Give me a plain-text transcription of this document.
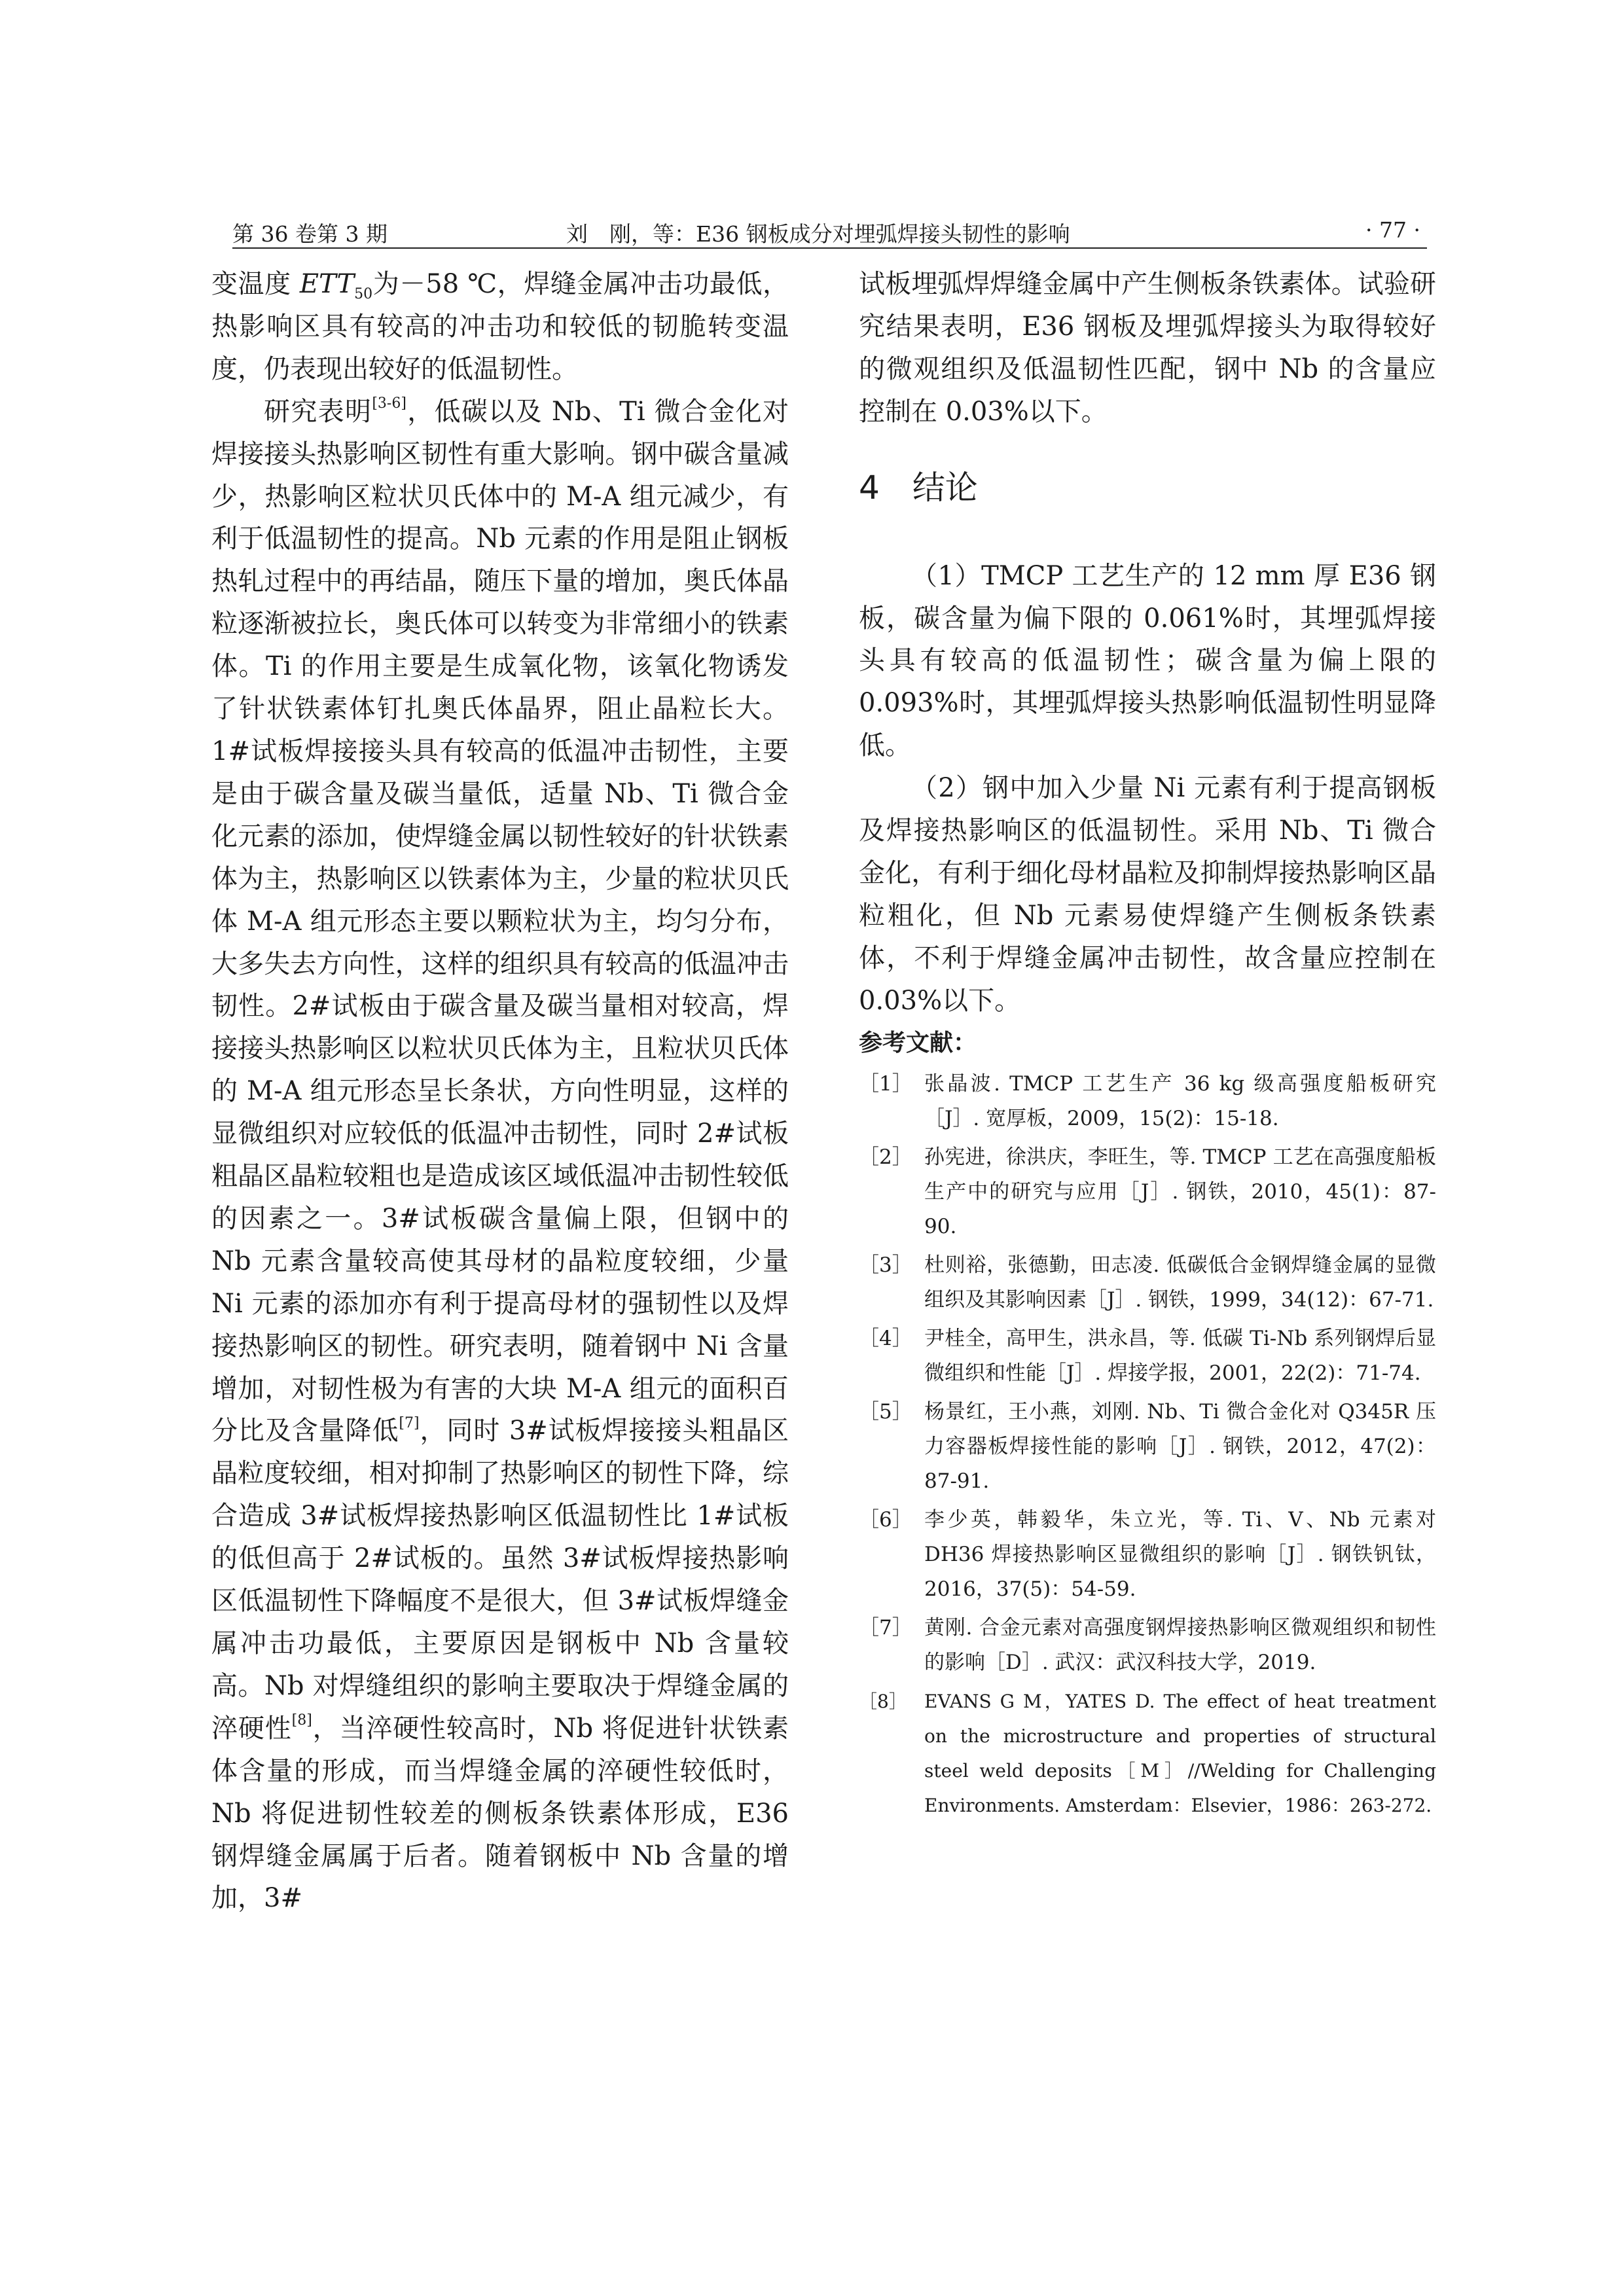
第 36 卷第 3 期	刘　刚，等：E36 钢板成分对埋弧焊接头韧性的影响	· 77 ·

变温度 $ETT_{50}$为－58 ℃，焊缝金属冲击功最低，热影响区具有较高的冲击功和较低的韧脆转变温度，仍表现出较好的低温韧性。

研究表明[3-6]，低碳以及 Nb、Ti 微合金化对焊接接头热影响区韧性有重大影响。钢中碳含量减少，热影响区粒状贝氏体中的 M-A 组元减少，有利于低温韧性的提高。Nb 元素的作用是阻止钢板热轧过程中的再结晶，随压下量的增加，奥氏体晶粒逐渐被拉长，奥氏体可以转变为非常细小的铁素体。Ti 的作用主要是生成氧化物，该氧化物诱发了针状铁素体钉扎奥氏体晶界，阻止晶粒长大。1#试板焊接接头具有较高的低温冲击韧性，主要是由于碳含量及碳当量低，适量 Nb、Ti 微合金化元素的添加，使焊缝金属以韧性较好的针状铁素体为主，热影响区以铁素体为主，少量的粒状贝氏体 M-A 组元形态主要以颗粒状为主，均匀分布，大多失去方向性，这样的组织具有较高的低温冲击韧性。2#试板由于碳含量及碳当量相对较高，焊接接头热影响区以粒状贝氏体为主，且粒状贝氏体的 M-A 组元形态呈长条状，方向性明显，这样的显微组织对应较低的低温冲击韧性，同时 2#试板粗晶区晶粒较粗也是造成该区域低温冲击韧性较低的因素之一。3#试板碳含量偏上限，但钢中的 Nb 元素含量较高使其母材的晶粒度较细，少量 Ni 元素的添加亦有利于提高母材的强韧性以及焊接热影响区的韧性。研究表明，随着钢中 Ni 含量增加，对韧性极为有害的大块 M-A 组元的面积百分比及含量降低[7]，同时 3#试板焊接接头粗晶区晶粒度较细，相对抑制了热影响区的韧性下降，综合造成 3#试板焊接热影响区低温韧性比 1#试板的低但高于 2#试板的。虽然 3#试板焊接热影响区低温韧性下降幅度不是很大，但 3#试板焊缝金属冲击功最低，主要原因是钢板中 Nb 含量较高。Nb 对焊缝组织的影响主要取决于焊缝金属的淬硬性[8]，当淬硬性较高时，Nb 将促进针状铁素体含量的形成，而当焊缝金属的淬硬性较低时，Nb 将促进韧性较差的侧板条铁素体形成，E36 钢焊缝金属属于后者。随着钢板中 Nb 含量的增加，3#

试板埋弧焊焊缝金属中产生侧板条铁素体。试验研究结果表明，E36 钢板及埋弧焊接头为取得较好的微观组织及低温韧性匹配，钢中 Nb 的含量应控制在 0.03%以下。

4 结论

（1）TMCP 工艺生产的 12 mm 厚 E36 钢板，碳含量为偏下限的 0.061%时，其埋弧焊接头具有较高的低温韧性；碳含量为偏上限的 0.093%时，其埋弧焊接头热影响低温韧性明显降低。

（2）钢中加入少量 Ni 元素有利于提高钢板及焊接热影响区的低温韧性。采用 Nb、Ti 微合金化，有利于细化母材晶粒及抑制焊接热影响区晶粒粗化，但 Nb 元素易使焊缝产生侧板条铁素体，不利于焊缝金属冲击韧性，故含量应控制在 0.03%以下。

参考文献：

［1］ 张晶波. TMCP 工艺生产 36 kg 级高强度船板研究［J］. 宽厚板，2009，15(2)：15-18.
［2］ 孙宪进，徐洪庆，李旺生，等. TMCP 工艺在高强度船板生产中的研究与应用［J］. 钢铁，2010，45(1)：87-90.
［3］ 杜则裕，张德勤，田志凌. 低碳低合金钢焊缝金属的显微组织及其影响因素［J］. 钢铁，1999，34(12)：67-71.
［4］ 尹桂全，高甲生，洪永昌，等. 低碳 Ti-Nb 系列钢焊后显微组织和性能［J］. 焊接学报，2001，22(2)：71-74.
［5］ 杨景红，王小燕，刘刚. Nb、Ti 微合金化对 Q345R 压力容器板焊接性能的影响［J］. 钢铁，2012，47(2)：87-91.
［6］ 李少英，韩毅华，朱立光，等. Ti、V、Nb 元素对 DH36 焊接热影响区显微组织的影响［J］. 钢铁钒钛，2016，37(5)：54-59.
［7］ 黄刚. 合金元素对高强度钢焊接热影响区微观组织和韧性的影响［D］. 武汉：武汉科技大学，2019.
［8］ EVANS G M，YATES D. The effect of heat treatment on the microstructure and properties of structural steel weld deposits［M］//Welding for Challenging Environments. Amsterdam：Elsevier，1986：263-272.
